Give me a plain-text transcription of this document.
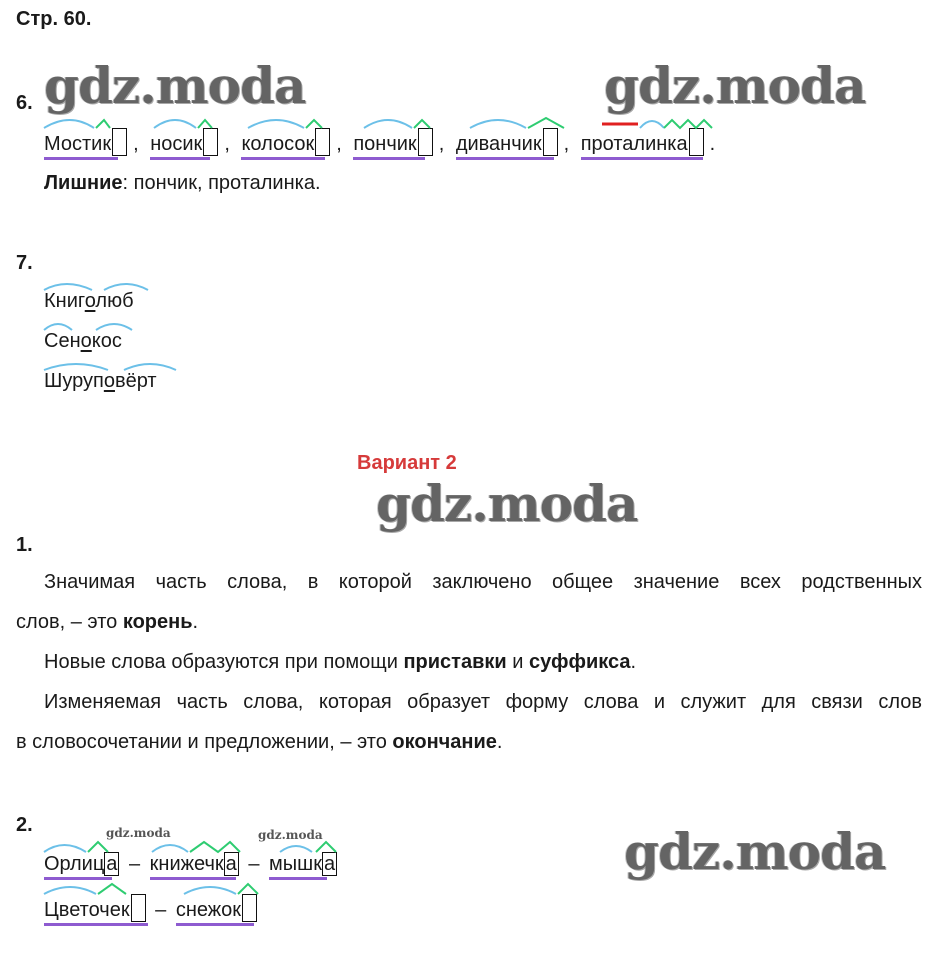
Стр. 60.
gdz.moda	gdz.moda
gdz.moda
gdz.moda
gdz.moda	gdz.moda
6.
Мостик , носик , колосок , пончик , диванчик , проталинка .
Лишние: пончик, проталинка.
7.
Книголюб
Сенокос
Шуруповёрт
Вариант 2
1.
Значимая часть слова, в которой заключено общее значение всех родственных
слов, – это корень.
Новые слова образуются при помощи приставки и суффикса.
Изменяемая часть слова, которая образует форму слова и служит для связи слов
в словосочетании и предложении, – это окончание.
2.
Орлиц а – книжечк а – мышк а
Цветочек – снежок
